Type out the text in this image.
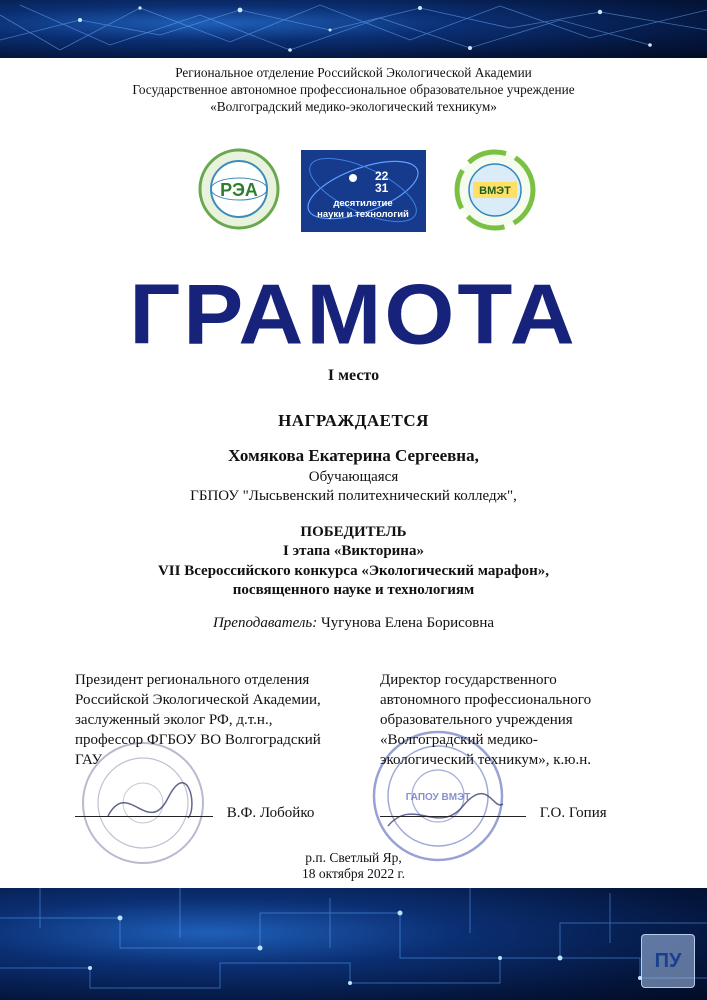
Региональное отделение Российской Экологической Академии
Государственное автономное профессиональное образовательное учреждение
«Волгоградский медико-экологический техникум»
РЭА
22
31
десятилетие
науки и технологий
ВМЭТ
ГРАМОТА
I место
НАГРАЖДАЕТСЯ
Хомякова Екатерина Сергеевна,
Обучающаяся
ГБПОУ "Лысьвенский политехнический колледж",
ПОБЕДИТЕЛЬ
I этапа «Викторина»
VII Всероссийского конкурса «Экологический марафон»,
посвященного науке и технологиям
Преподаватель: Чугунова Елена Борисовна
ГАПОУ ВМЭТ
Президент регионального отделения
Российской Экологической Академии,
заслуженный эколог РФ, д.т.н.,
профессор ФГБОУ ВО Волгоградский
ГАУ
В.Ф. Лобойко
Директор государственного
автономного профессионального
образовательного учреждения
«Волгоградский медико-
экологический техникум», к.ю.н.
Г.О. Гопия
р.п. Светлый Яр,
18 октября 2022 г.
ПУ
